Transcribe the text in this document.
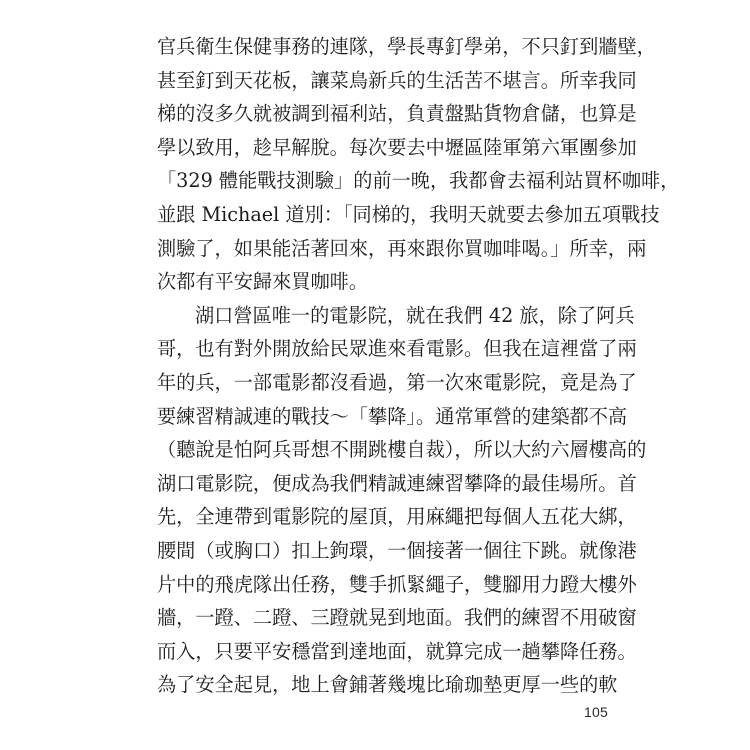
官兵衛生保健事務的連隊，學長專釘學弟，不只釘到牆壁，
甚至釘到天花板，讓菜鳥新兵的生活苦不堪言。所幸我同
梯的沒多久就被調到福利站，負責盤點貨物倉儲，也算是
學以致用，趁早解脫。每次要去中壢區陸軍第六軍團參加
「329 體能戰技測驗」的前一晚，我都會去福利站買杯咖啡，
並跟 Michael 道別：「同梯的，我明天就要去參加五項戰技
測驗了，如果能活著回來，再來跟你買咖啡喝。」所幸，兩
次都有平安歸來買咖啡。
湖口營區唯一的電影院，就在我們 42 旅，除了阿兵
哥，也有對外開放給民眾進來看電影。但我在這裡當了兩
年的兵，一部電影都沒看過，第一次來電影院，竟是為了
要練習精誠連的戰技～「攀降」。通常軍營的建築都不高
（聽說是怕阿兵哥想不開跳樓自裁），所以大約六層樓高的
湖口電影院，便成為我們精誠連練習攀降的最佳場所。首
先，全連帶到電影院的屋頂，用麻繩把每個人五花大綁，
腰間（或胸口）扣上鉤環，一個接著一個往下跳。就像港
片中的飛虎隊出任務，雙手抓緊繩子，雙腳用力蹬大樓外
牆，一蹬、二蹬、三蹬就晃到地面。我們的練習不用破窗
而入，只要平安穩當到達地面，就算完成一趟攀降任務。
為了安全起見，地上會鋪著幾塊比瑜珈墊更厚一些的軟
105
